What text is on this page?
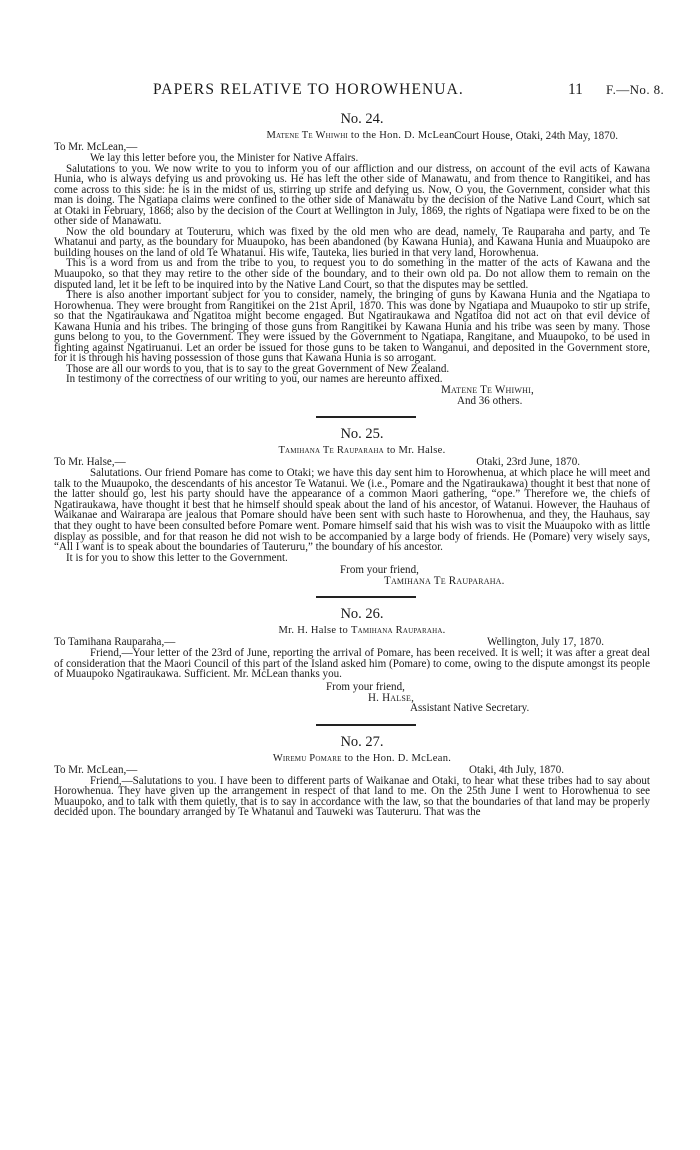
PAPERS RELATIVE TO HOROWHENUA.	11 F.—No. 8.
No. 24.
Matene Te Whiwhi to the Hon. D. McLean.
To Mr. McLean,—
Court House, Otaki, 24th May, 1870.
We lay this letter before you, the Minister for Native Affairs.
Salutations to you. We now write to you to inform you of our affliction and our distress, on account of the evil acts of Kawana Hunia, who is always defying us and provoking us. He has left the other side of Manawatu, and from thence to Rangitikei, and has come across to this side: he is in the midst of us, stirring up strife and defying us. Now, O you, the Government, consider what this man is doing. The Ngatiapa claims were confined to the other side of Manawatu by the decision of the Native Land Court, which sat at Otaki in February, 1868; also by the decision of the Court at Wellington in July, 1869, the rights of Ngatiapa were fixed to be on the other side of Manawatu.
Now the old boundary at Touteruru, which was fixed by the old men who are dead, namely, Te Rauparaha and party, and Te Whatanui and party, as the boundary for Muaupoko, has been abandoned (by Kawana Hunia), and Kawana Hunia and Muaupoko are building houses on the land of old Te Whatanui. His wife, Tauteka, lies buried in that very land, Horowhenua.
This is a word from us and from the tribe to you, to request you to do something in the matter of the acts of Kawana and the Muaupoko, so that they may retire to the other side of the boundary, and to their own old pa. Do not allow them to remain on the disputed land, let it be left to be inquired into by the Native Land Court, so that the disputes may be settled.
There is also another important subject for you to consider, namely, the bringing of guns by Kawana Hunia and the Ngatiapa to Horowhenua. They were brought from Rangitikei on the 21st April, 1870. This was done by Ngatiapa and Muaupoko to stir up strife, so that the Ngatiraukawa and Ngatitoa might become engaged. But Ngatiraukawa and Ngatitoa did not act on that evil device of Kawana Hunia and his tribes. The bringing of those guns from Rangitikei by Kawana Hunia and his tribe was seen by many. Those guns belong to you, to the Government. They were issued by the Government to Ngatiapa, Rangitane, and Muaupoko, to be used in fighting against Ngatiruanui. Let an order be issued for those guns to be taken to Wanganui, and deposited in the Government store, for it is through his having possession of those guns that Kawana Hunia is so arrogant.
Those are all our words to you, that is to say to the great Government of New Zealand.
In testimony of the correctness of our writing to you, our names are hereunto affixed.
Matene Te Whiwhi,
And 36 others.
No. 25.
Tamihana Te Rauparaha to Mr. Halse.
To Mr. Halse,—	Otaki, 23rd June, 1870.
Salutations. Our friend Pomare has come to Otaki; we have this day sent him to Horowhenua, at which place he will meet and talk to the Muaupoko, the descendants of his ancestor Te Watanui. We (i.e., Pomare and the Ngatiraukawa) thought it best that none of the latter should go, lest his party should have the appearance of a common Maori gathering, “ope.” Therefore we, the chiefs of Ngatiraukawa, have thought it best that he himself should speak about the land of his ancestor, of Watanui. However, the Hauhaus of Waikanae and Wairarapa are jealous that Pomare should have been sent with such haste to Horowhenua, and they, the Hauhaus, say that they ought to have been consulted before Pomare went. Pomare himself said that his wish was to visit the Muaupoko with as little display as possible, and for that reason he did not wish to be accompanied by a large body of friends. He (Pomare) very wisely says, “All I want is to speak about the boundaries of Tauteruru,” the boundary of his ancestor.
It is for you to show this letter to the Government.
From your friend,
Tamihana Te Rauparaha.
No. 26.
Mr. H. Halse to Tamihana Rauparaha.
To Tamihana Rauparaha,—	Wellington, July 17, 1870.
Friend,—Your letter of the 23rd of June, reporting the arrival of Pomare, has been received. It is well; it was after a great deal of consideration that the Maori Council of this part of the Island asked him (Pomare) to come, owing to the dispute amongst its people of Muaupoko Ngatiraukawa. Sufficient. Mr. McLean thanks you.
From your friend,
H. Halse,
Assistant Native Secretary.
No. 27.
Wiremu Pomare to the Hon. D. McLean.
To Mr. McLean,—	Otaki, 4th July, 1870.
Friend,—Salutations to you. I have been to different parts of Waikanae and Otaki, to hear what these tribes had to say about Horowhenua. They have given up the arrangement in respect of that land to me. On the 25th June I went to Horowhenua to see Muaupoko, and to talk with them quietly, that is to say in accordance with the law, so that the boundaries of that land may be properly decided upon. The boundary arranged by Te Whatanui and Tauweki was Tauteruru. That was the
